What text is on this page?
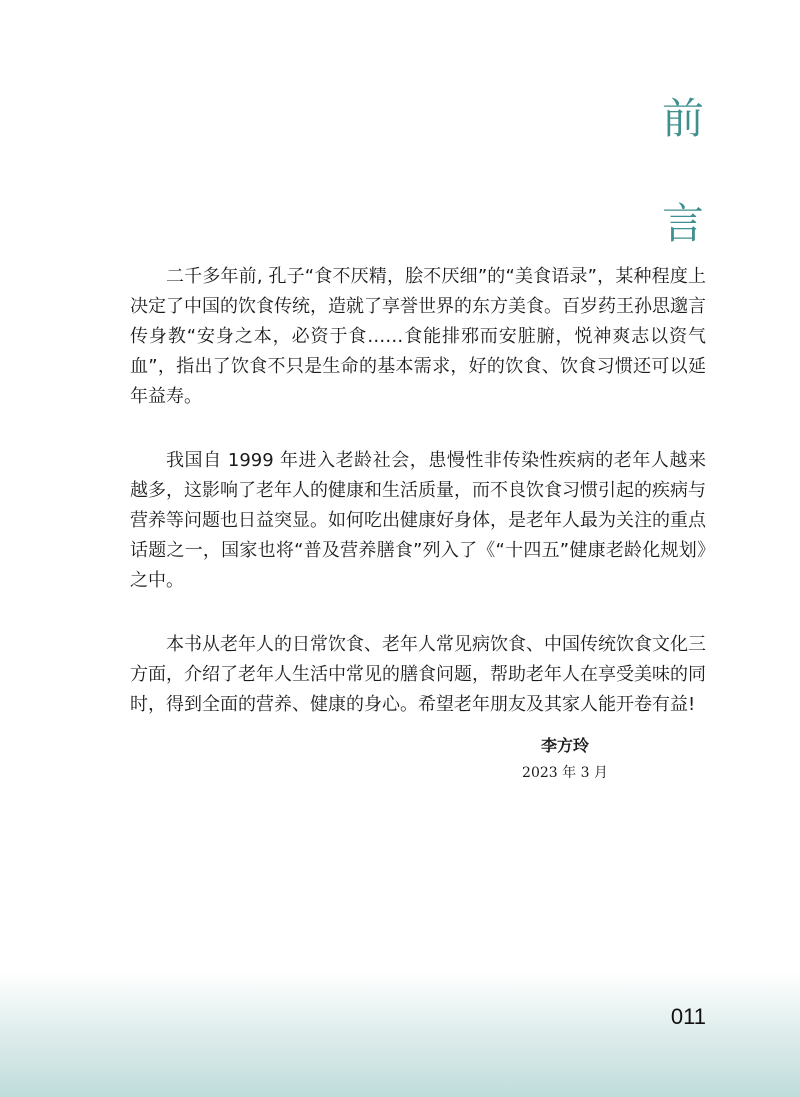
前
言

二千多年前, 孔子“食不厌精，脍不厌细”的“美食语录”，某种程度上决定了中国的饮食传统，造就了享誉世界的东方美食。百岁药王孙思邈言传身教“安身之本，必资于食……食能排邪而安脏腑，悦神爽志以资气血”，指出了饮食不只是生命的基本需求，好的饮食、饮食习惯还可以延年益寿。

我国自 1999 年进入老龄社会，患慢性非传染性疾病的老年人越来越多，这影响了老年人的健康和生活质量，而不良饮食习惯引起的疾病与营养等问题也日益突显。如何吃出健康好身体，是老年人最为关注的重点话题之一，国家也将“普及营养膳食”列入了《“十四五”健康老龄化规划》之中。

本书从老年人的日常饮食、老年人常见病饮食、中国传统饮食文化三方面，介绍了老年人生活中常见的膳食问题，帮助老年人在享受美味的同时，得到全面的营养、健康的身心。希望老年朋友及其家人能开卷有益!

李方玲
2023 年 3 月
011
